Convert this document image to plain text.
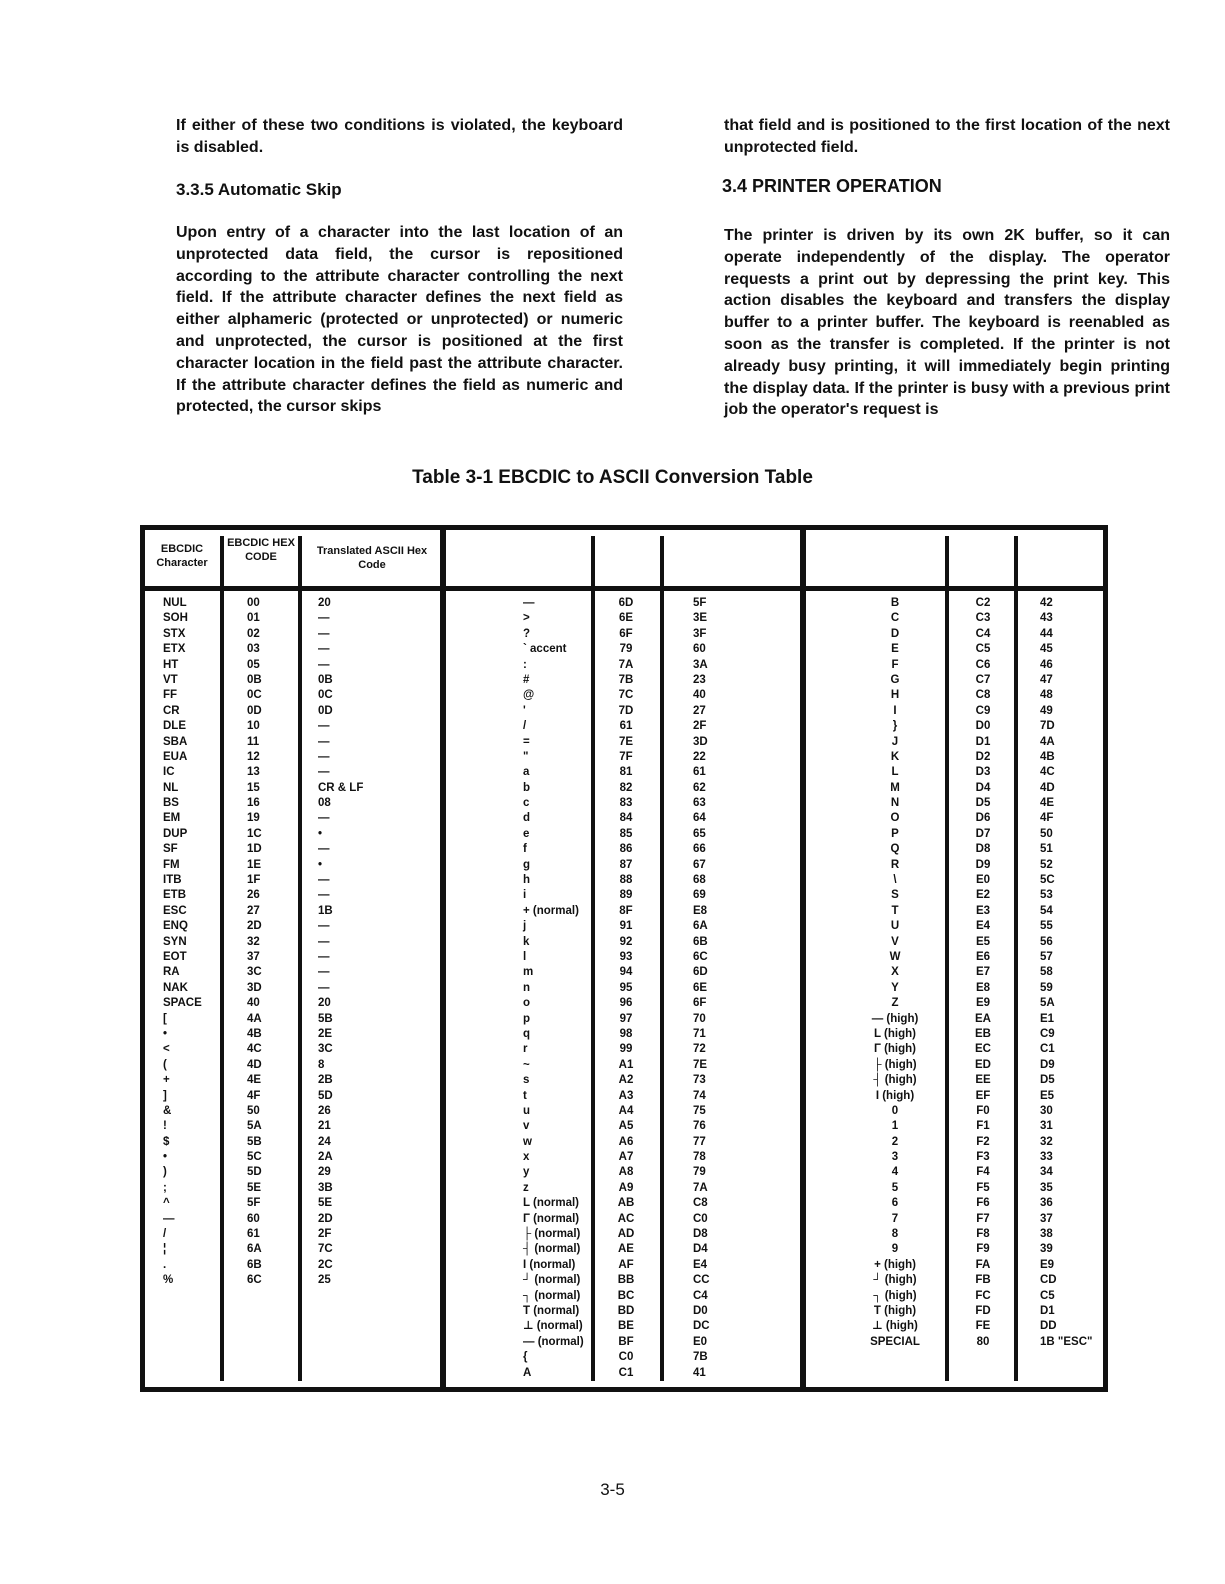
If either of these two conditions is violated, the keyboard is disabled.

3.3.5 Automatic Skip

Upon entry of a character into the last location of an unprotected data field, the cursor is repositioned according to the attribute character controlling the next field. If the attribute character defines the next field as either alphameric (protected or unprotected) or numeric and unprotected, the cursor is positioned at the first character location in the field past the attribute character. If the attribute character defines the field as numeric and protected, the cursor skips

that field and is positioned to the first location of the next unprotected field.

3.4 PRINTER OPERATION

The printer is driven by its own 2K buffer, so it can operate independently of the display. The operator requests a print out by depressing the print key. This action disables the keyboard and transfers the display buffer to a printer buffer. The keyboard is reenabled as soon as the transfer is completed. If the printer is not already busy printing, it will immediately begin printing the display data. If the printer is busy with a previous print job the operator's request is

Table 3-1 EBCDIC to ASCII Conversion Table
EBCDIC Character
EBCDIC HEX CODE	Translated ASCII Hex Code
NUL
SOH
STX
ETX
HT
VT
FF
CR
DLE
SBA
EUA
IC
NL
BS
EM
DUP
SF
FM
ITB
ETB
ESC
ENQ
SYN
EOT
RA
NAK
SPACE
[
•
<
(
+
]
&
!
$
•
)
;
^
—
/
¦
.
%
00
01
02
03
05
0B
0C
0D
10
11
12
13
15
16
19
1C
1D
1E
1F
26
27
2D
32
37
3C
3D
40
4A
4B
4C
4D
4E
4F
50
5A
5B
5C
5D
5E
5F
60
61
6A
6B
6C
20
—
—
—
—
0B
0C
0D
—
—
—
—
CR & LF
08
—
•
—
•
—
—
1B
—
—
—
—
—
20
5B
2E
3C
8
2B
5D
26
21
24
2A
29
3B
5E
2D
2F
7C
2C
25
—
>
?
` accent
:
#
@
'
/
=
"
a
b
c
d
e
f
g
h
i
+ (normal)
j
k
l
m
n
o
p
q
r
~
s
t
u
v
w
x
y
z
L (normal)
Γ (normal)
├ (normal)
┤ (normal)
I (normal)
┘ (normal)
┐ (normal)
T (normal)
⊥ (normal)
— (normal)
{
A
6D
6E
6F
79
7A
7B
7C
7D
61
7E
7F
81
82
83
84
85
86
87
88
89
8F
91
92
93
94
95
96
97
98
99
A1
A2
A3
A4
A5
A6
A7
A8
A9
AB
AC
AD
AE
AF
BB
BC
BD
BE
BF
C0
C1
5F
3E
3F
60
3A
23
40
27
2F
3D
22
61
62
63
64
65
66
67
68
69
E8
6A
6B
6C
6D
6E
6F
70
71
72
7E
73
74
75
76
77
78
79
7A
C8
C0
D8
D4
E4
CC
C4
D0
DC
E0
7B
41
B
C
D
E
F
G
H
I
}
J
K
L
M
N
O
P
Q
R
\
S
T
U
V
W
X
Y
Z
— (high)
L (high)
Γ (high)
├ (high)
┤ (high)
I (high)
0
1
2
3
4
5
6
7
8
9
+ (high)
┘ (high)
┐ (high)
T (high)
⊥ (high)
SPECIAL
C2
C3
C4
C5
C6
C7
C8
C9
D0
D1
D2
D3
D4
D5
D6
D7
D8
D9
E0
E2
E3
E4
E5
E6
E7
E8
E9
EA
EB
EC
ED
EE
EF
F0
F1
F2
F3
F4
F5
F6
F7
F8
F9
FA
FB
FC
FD
FE
80
42
43
44
45
46
47
48
49
7D
4A
4B
4C
4D
4E
4F
50
51
52
5C
53
54
55
56
57
58
59
5A
E1
C9
C1
D9
D5
E5
30
31
32
33
34
35
36
37
38
39
E9
CD
C5
D1
DD
1B "ESC"
3-5
